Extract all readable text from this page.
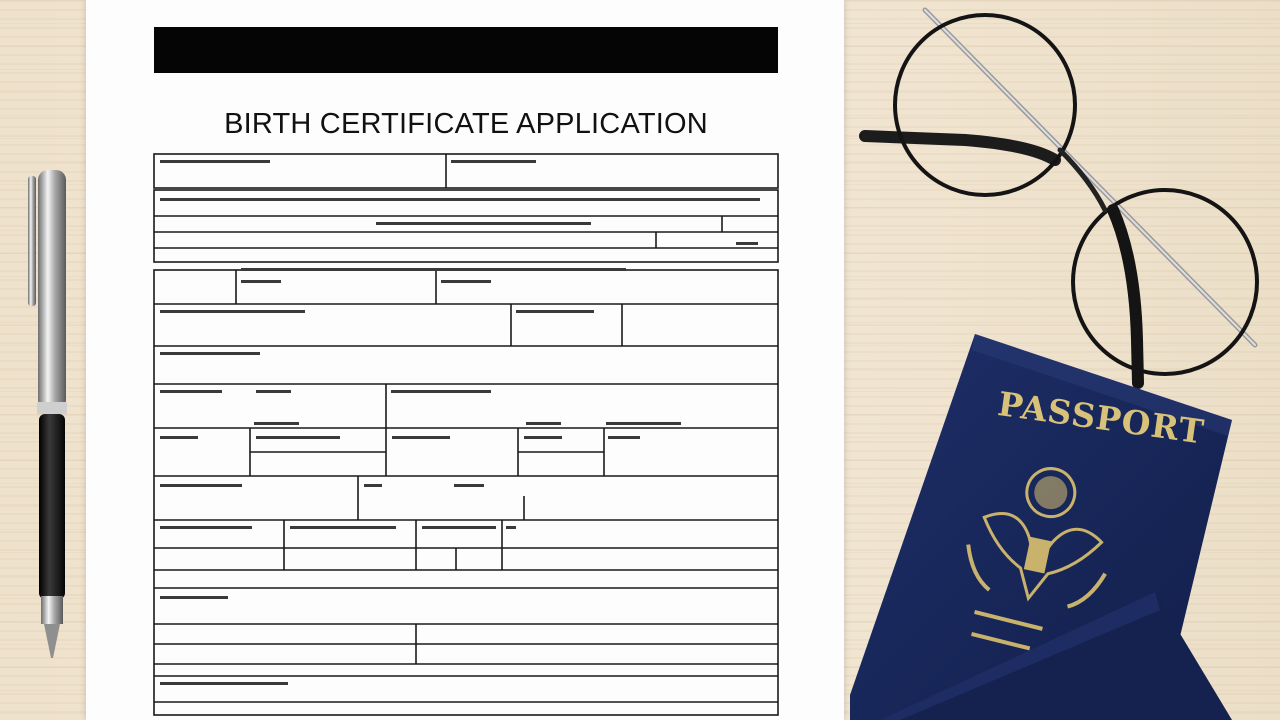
BIRTH CERTIFICATE APPLICATION
PASSPORT
